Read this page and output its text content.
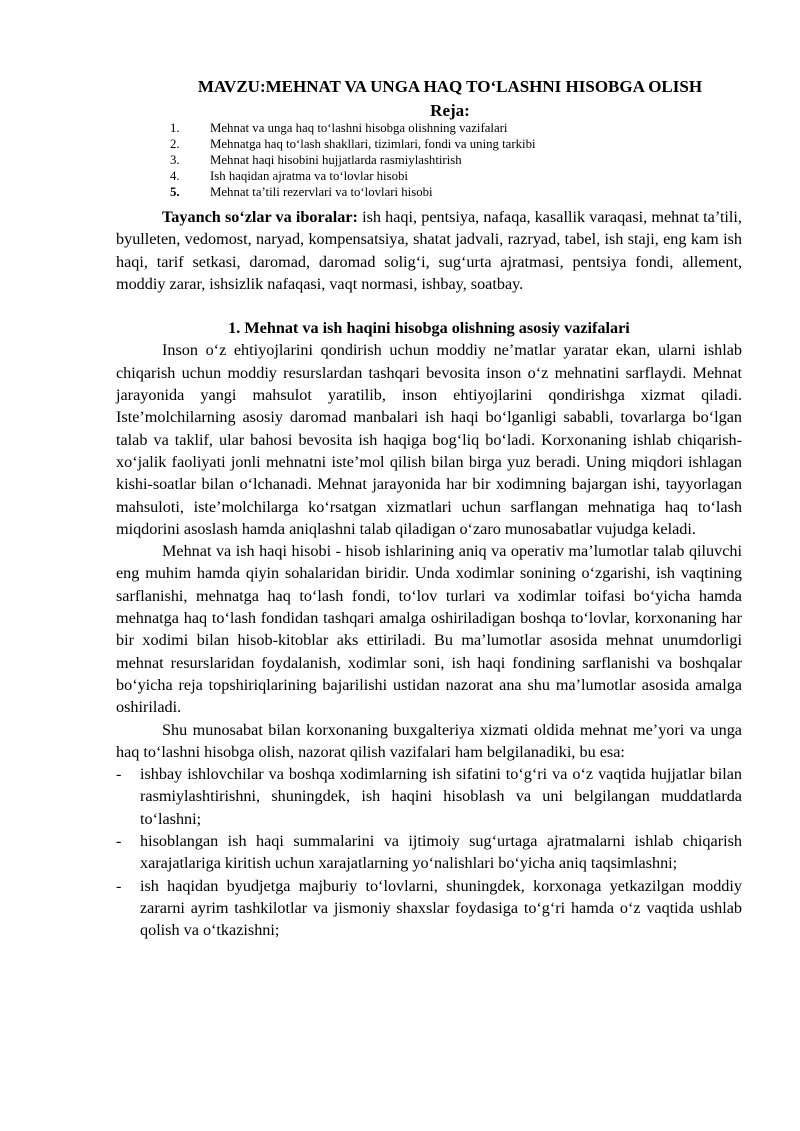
MAVZU:MEHNAT VA UNGA HAQ TO‘LASHNI HISOBGA OLISH
Reja:
1.	Mehnat va unga haq to‘lashni hisobga olishning vazifalari
2.	Mehnatga haq to‘lash shakllari, tizimlari, fondi va uning tarkibi
3.	Mehnat haqi hisobini hujjatlarda rasmiylashtirish
4.	Ish haqidan ajratma va to‘lovlar hisobi
5.	Mehnat ta’tili rezervlari va to‘lovlari hisobi

Tayanch so‘zlar va iboralar: ish haqi, pentsiya, nafaqa, kasallik varaqasi, mehnat ta’tili, byulleten, vedomost, naryad, kompensatsiya, shatat jadvali, razryad, tabel, ish staji, eng kam ish haqi, tarif setkasi, daromad, daromad solig‘i, sug‘urta ajratmasi, pentsiya fondi, allement, moddiy zarar, ishsizlik nafaqasi, vaqt normasi, ishbay, soatbay.

1. Mehnat va ish haqini hisobga olishning asosiy vazifalari

Inson o‘z ehtiyojlarini qondirish uchun moddiy ne’matlar yaratar ekan, ularni ishlab chiqarish uchun moddiy resurslardan tashqari bevosita inson o‘z mehnatini sarflaydi. Mehnat jarayonida yangi mahsulot yaratilib, inson ehtiyojlarini qondirishga xizmat qiladi. Iste’molchilarning asosiy daromad manbalari ish haqi bo‘lganligi sababli, tovarlarga bo‘lgan talab va taklif, ular bahosi bevosita ish haqiga bog‘liq bo‘ladi. Korxonaning ishlab chiqarish-xo‘jalik faoliyati jonli mehnatni iste’mol qilish bilan birga yuz beradi. Uning miqdori ishlagan kishi-soatlar bilan o‘lchanadi. Mehnat jarayonida har bir xodimning bajargan ishi, tayyorlagan mahsuloti, iste’molchilarga ko‘rsatgan xizmatlari uchun sarflangan mehnatiga haq to‘lash miqdorini asoslash hamda aniqlashni talab qiladigan o‘zaro munosabatlar vujudga keladi.

Mehnat va ish haqi hisobi - hisob ishlarining aniq va operativ ma’lumotlar talab qiluvchi eng muhim hamda qiyin sohalaridan biridir. Unda xodimlar sonining o‘zgarishi, ish vaqtining sarflanishi, mehnatga haq to‘lash fondi, to‘lov turlari va xodimlar toifasi bo‘yicha hamda mehnatga haq to‘lash fondidan tashqari amalga oshiriladigan boshqa to‘lovlar, korxonaning har bir xodimi bilan hisob-kitoblar aks ettiriladi. Bu ma’lumotlar asosida mehnat unumdorligi mehnat resurslaridan foydalanish, xodimlar soni, ish haqi fondining sarflanishi va boshqalar bo‘yicha reja topshiriqlarining bajarilishi ustidan nazorat ana shu ma’lumotlar asosida amalga oshiriladi.

Shu munosabat bilan korxonaning buxgalteriya xizmati oldida mehnat me’yori va unga haq to‘lashni hisobga olish, nazorat qilish vazifalari ham belgilanadiki, bu esa:

- ishbay ishlovchilar va boshqa xodimlarning ish sifatini to‘g‘ri va o‘z vaqtida hujjatlar bilan rasmiylashtirishni, shuningdek, ish haqini hisoblash va uni belgilangan muddatlarda to‘lashni;
- hisoblangan ish haqi summalarini va ijtimoiy sug‘urtaga ajratmalarni ishlab chiqarish xarajatlariga kiritish uchun xarajatlarning yo‘nalishlari bo‘yicha aniq taqsimlashni;
- ish haqidan byudjetga majburiy to‘lovlarni, shuningdek, korxonaga yetkazilgan moddiy zararni ayrim tashkilotlar va jismoniy shaxslar foydasiga to‘g‘ri hamda o‘z vaqtida ushlab qolish va o‘tkazishni;
